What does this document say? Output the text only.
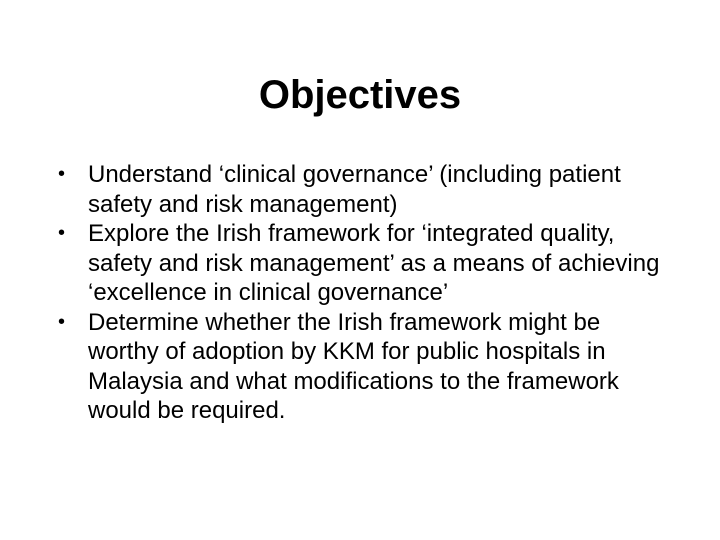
Objectives
• Understand ‘clinical governance’ (including patient safety and risk management)
• Explore the Irish framework for ‘integrated quality, safety and risk management’ as a means of achieving ‘excellence in clinical governance’
• Determine whether the Irish framework might be worthy of adoption by KKM for public hospitals in Malaysia and what modifications to the framework would be required.
